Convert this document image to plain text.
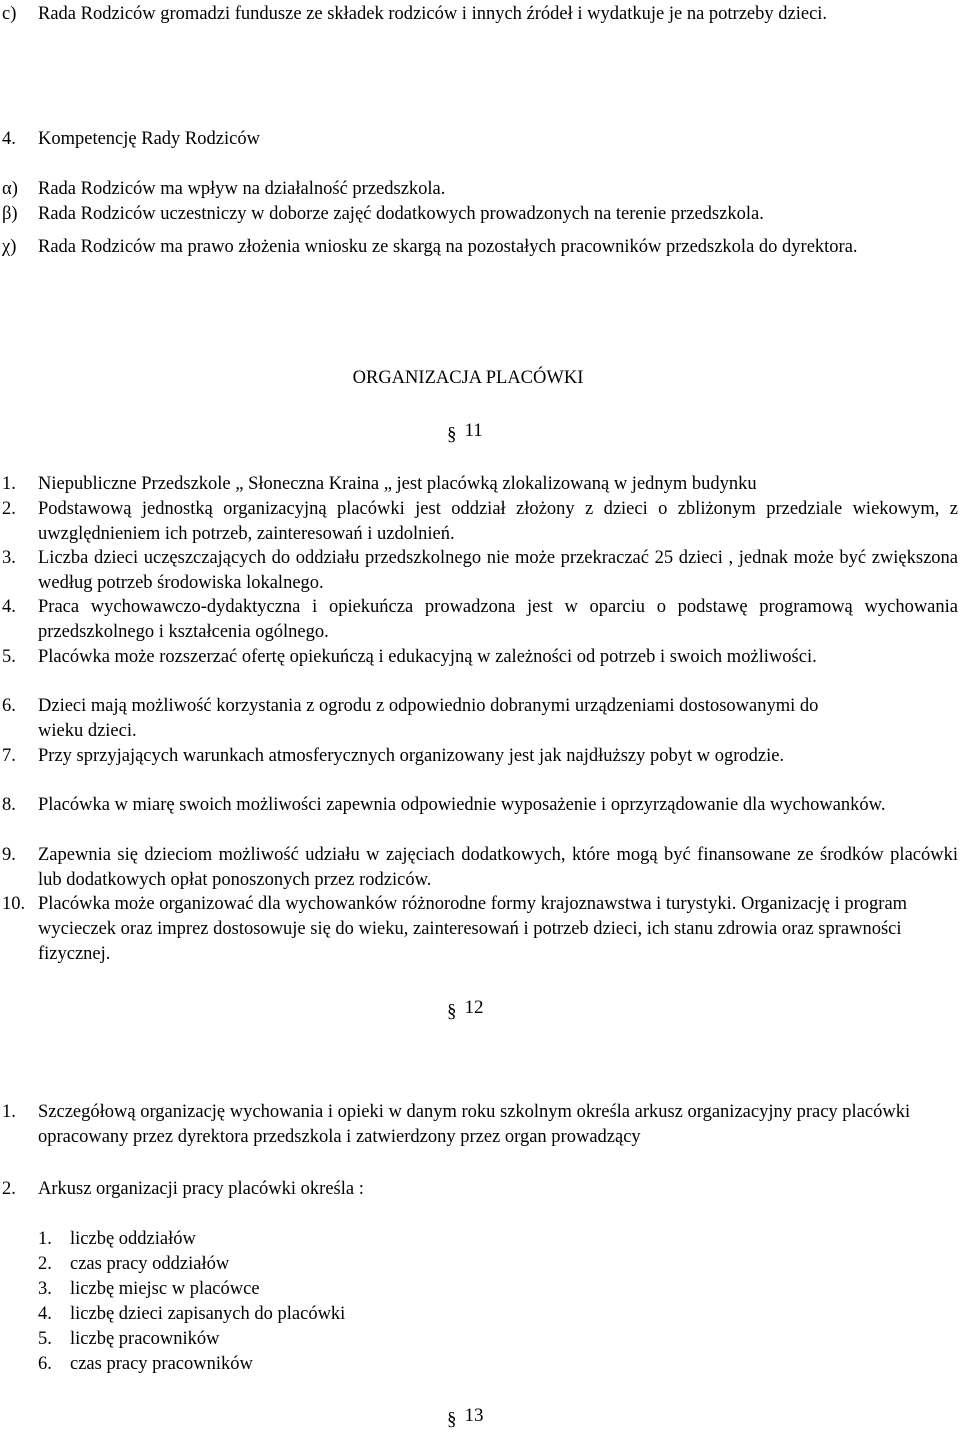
c)	Rada Rodziców gromadzi fundusze ze składek rodziców i innych źródeł i wydatkuje je na potrzeby dzieci.
4.	Kompetencję Rady Rodziców
α)	Rada Rodziców ma wpływ na działalność przedszkola.
β)	Rada Rodziców uczestniczy w doborze zajęć dodatkowych prowadzonych na terenie przedszkola.
χ)	Rada Rodziców ma prawo złożenia wniosku ze skargą na pozostałych pracowników przedszkola do dyrektora.
ORGANIZACJA PLACÓWKI
§ 11
1.	Niepubliczne Przedszkole „ Słoneczna Kraina „ jest placówką zlokalizowaną w jednym budynku
2.	Podstawową jednostką organizacyjną placówki jest oddział złożony z dzieci o zbliżonym przedziale wiekowym, z uwzględnieniem ich potrzeb, zainteresowań i uzdolnień.
3.	Liczba dzieci uczęszczających do oddziału przedszkolnego nie może przekraczać 25 dzieci , jednak może być zwiększona według potrzeb środowiska lokalnego.
4.	Praca wychowawczo-dydaktyczna i opiekuńcza prowadzona jest w oparciu o podstawę programową wychowania przedszkolnego i kształcenia ogólnego.
5.	Placówka może rozszerzać ofertę opiekuńczą i edukacyjną w zależności od potrzeb i swoich możliwości.
6.	Dzieci mają możliwość korzystania z ogrodu z odpowiednio dobranymi urządzeniami dostosowanymi do wieku dzieci.
7.	Przy sprzyjających warunkach atmosferycznych organizowany jest jak najdłuższy pobyt w ogrodzie.
8.	Placówka w miarę swoich możliwości zapewnia odpowiednie wyposażenie i oprzyrządowanie dla wychowanków.
9.	Zapewnia się dzieciom możliwość udziału w zajęciach dodatkowych, które mogą być finansowane ze środków placówki lub dodatkowych opłat ponoszonych przez rodziców.
10. Placówka może organizować dla wychowanków różnorodne formy krajoznawstwa i turystyki. Organizację i program wycieczek oraz imprez dostosowuje się do wieku, zainteresowań i potrzeb dzieci, ich stanu zdrowia oraz sprawności fizycznej.
§ 12
1.	Szczegółową organizację wychowania i opieki w danym roku szkolnym określa arkusz organizacyjny pracy placówki opracowany przez dyrektora przedszkola i zatwierdzony przez organ prowadzący
2.	Arkusz organizacji pracy placówki określa :
1. liczbę oddziałów
2. czas pracy oddziałów
3. liczbę miejsc w placówce
4. liczbę dzieci zapisanych do placówki
5. liczbę pracowników
6. czas pracy pracowników
§ 13
